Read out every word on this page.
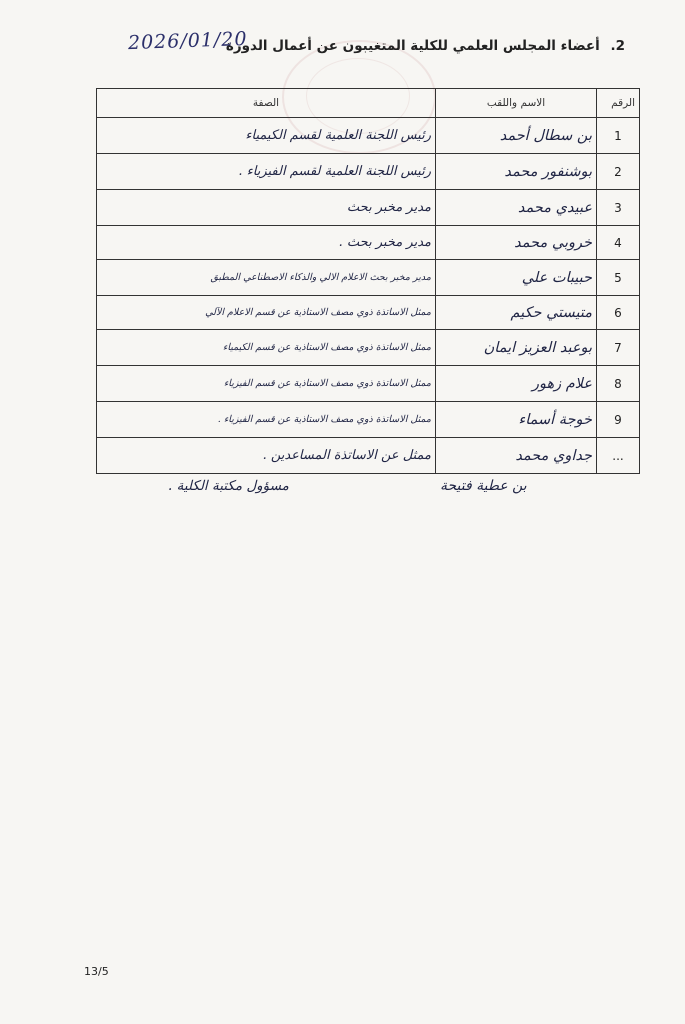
2026/01/20	2. أعضاء المجلس العلمي للكلية المتغيبون عن أعمال الدورة
الرقم	الاسم واللقب	الصفة
1	بن سطال أحمد	رئيس اللجنة العلمية لقسم الكيمياء
2	بوشنفور محمد	رئيس اللجنة العلمية لقسم الفيزياء .
3	عبيدي محمد	مدير مخبر بحث
4	خروبي محمد	مدير مخبر بحث .
5	حبيبات علي	مدير مخبر بحث الاعلام الالي والذكاء الاصطناعي المطبق
6	متيستي حكيم	ممثل الاساتذة ذوي مصف الاستاذية عن قسم الاعلام الآلي
7	بوعبد العزيز ايمان	ممثل الاساتذة ذوي مصف الاستاذية عن قسم الكيمياء
8	علام زهور	ممثل الاساتذة ذوي مصف الاستاذية عن قسم الفيزياء
9	خوجة أسماء	ممثل الاساتذة ذوي مصف الاستاذية عن قسم الفيزياء .
...	جداوي محمد	ممثل عن الاساتذة المساعدين .
بن عطية فتيحة
مسؤول مكتبة الكلية .
13/5
